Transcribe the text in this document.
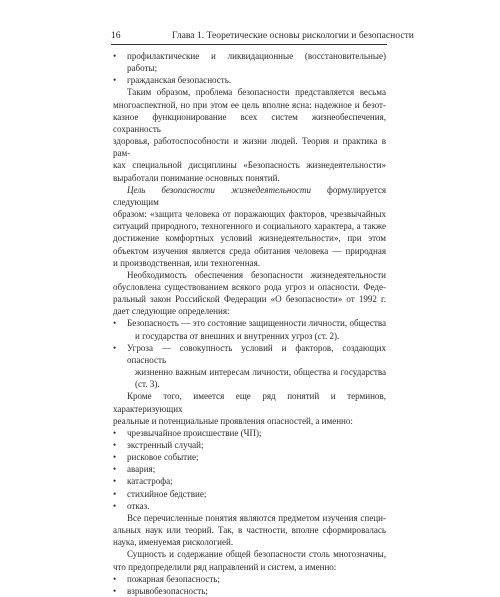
16	Глава 1. Теоретические основы рискологии и безопасности
•	профилактические и ликвидационные (восстановительные)
работы;
•	гражданская безопасность.

Таким образом, проблема безопасности представляется весьма

многоаспектной, но при этом ее цель вполне ясна: надежное и безот-
казное функционирование всех систем жизнеобеспечения, сохранность
здоровья, работоспособности и жизни людей. Теория и практика в рам-
ках специальной дисциплины «Безопасность жизнедеятельности»
выработали понимание основных понятий.

Цель безопасности жизнедеятельности формулируется следующим

образом: «защита человека от поражающих факторов, чрезвычайных
ситуаций природного, техногенного и социального характера, а также
достижение комфортных условий жизнедеятельности», при этом
объектом изучения является среда обитания человека — природная
и производственная, или техногенная.

Необходимость обеспечения безопасности жизнедеятельности

обусловлена существованием всякого рода угроз и опасности. Феде-
ральный закон Российской Федерации «О безопасности» от 1992 г.
дает следующие определения:
•	Безопасность — это состояние защищенности личности, общества
и государства от внешних и внутренних угроз (ст. 2).
•	Угроза — совокупность условий и факторов, создающих опасность
жизненно важным интересам личности, общества и государства
(ст. 3).

Кроме того, имеется еще ряд понятий и терминов, характеризующих

реальные и потенциальные проявления опасностей, а именно:
•	чрезвычайное происшествие (ЧП);
•	экстренный случай;
•	рисковое событие;
•	авария;
•	катастрофа;
•	стихийное бедствие;
•	отказ.

Все перечисленные понятия являются предметом изучения специ-

альных наук или теорий. Так, в частности, вполне сформировалась
наука, именуемая рискологией.

Сущность и содержание общей безопасности столь многозначны,

что предопределили ряд направлений и систем, а именно:
•	пожарная безопасность;
•	взрывобезопасность;
